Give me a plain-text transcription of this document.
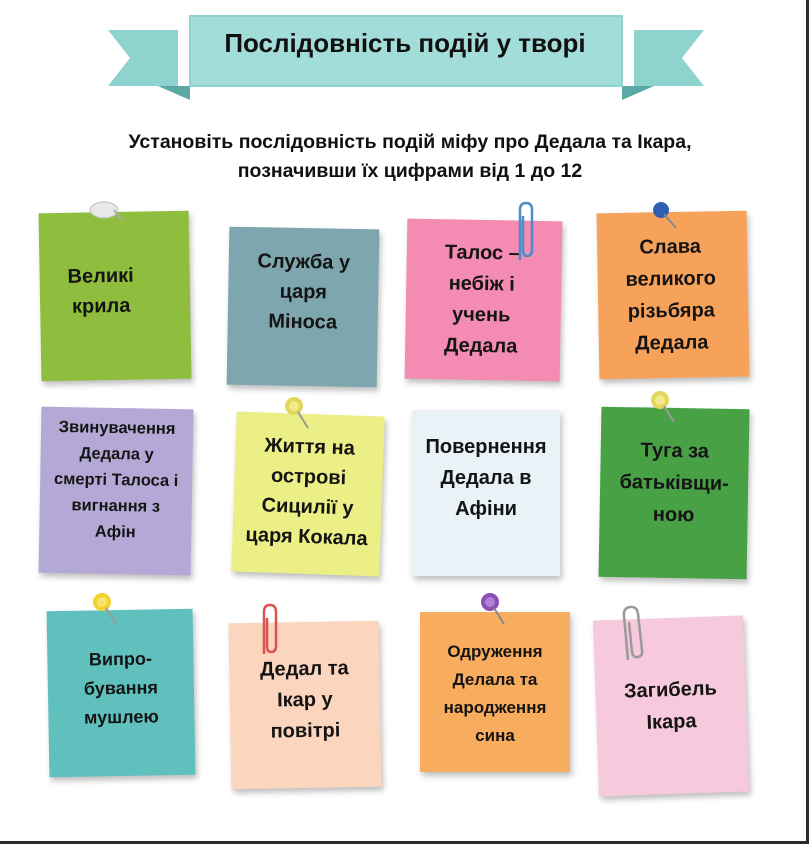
Послідовність подій у творі
Установіть послідовність подій міфу про Дедала та Ікара,
позначивши їх цифрами від 1 до 12
Великі
крила
Служба у
царя
Міноса
Талос –
небіж і
учень
Дедала
Слава
великого
різьбяра
Дедала
Звинувачення
Дедала у
смерті Талоса і
вигнання з
Афін
Життя на
острові
Сицилії у
царя Кокала
Повернення
Дедала в
Афіни
Туга за
батьківщи-
ною
Випро-
бування
мушлею
Дедал та
Ікар у
повітрі
Одруження
Делала та
народження
сина
Загибель
Ікара
